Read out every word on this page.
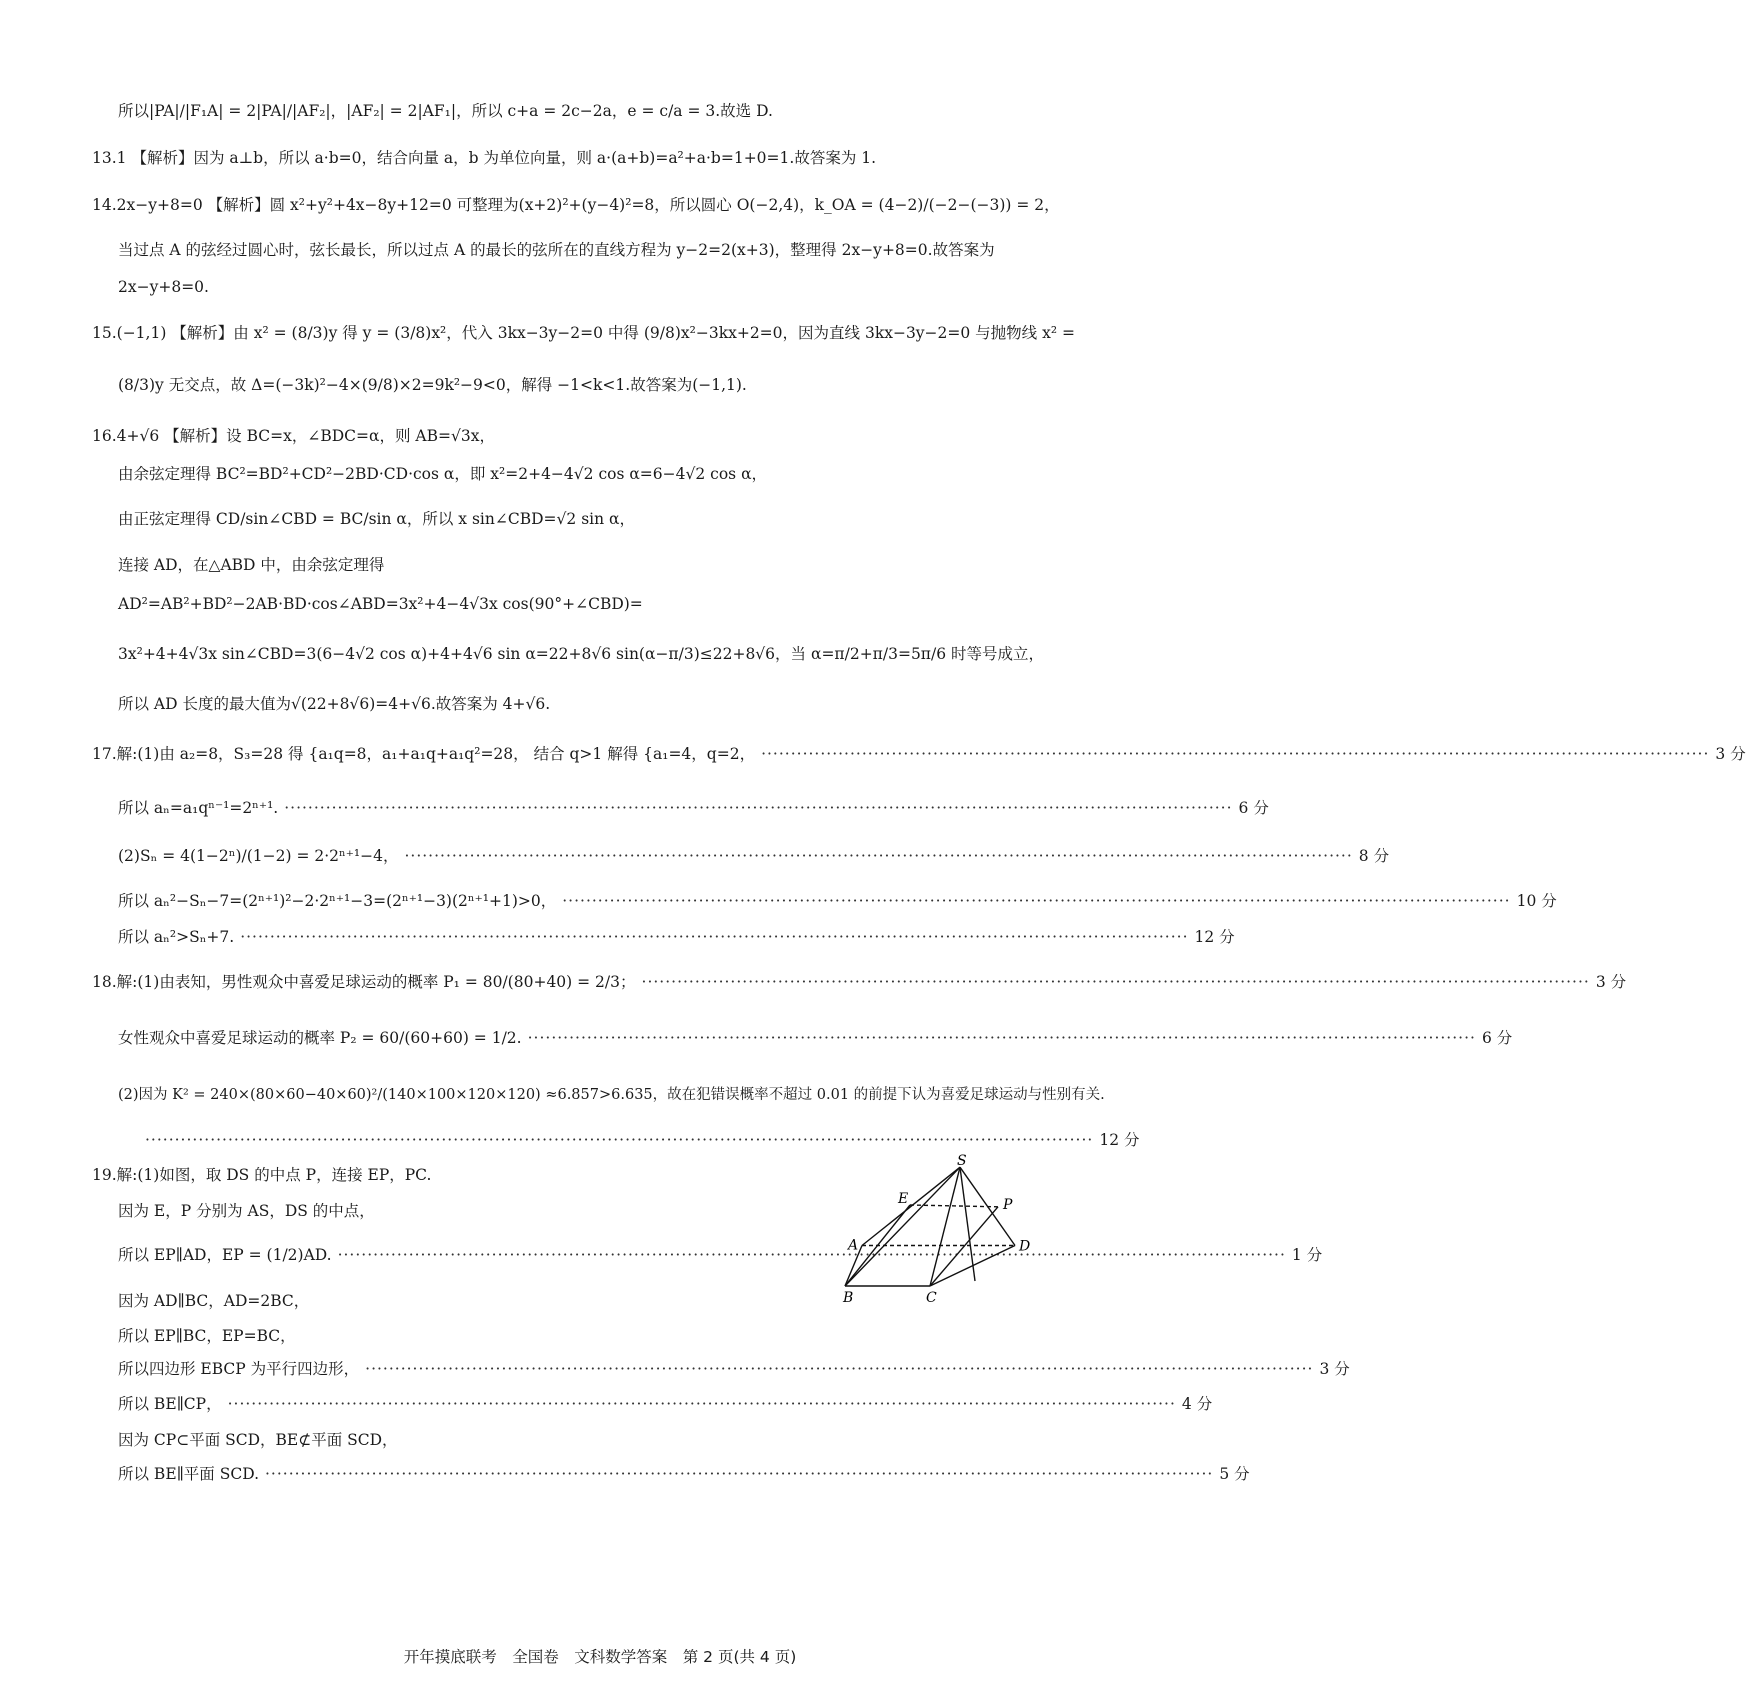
所以|PA|/|F₁A| = 2|PA|/|AF₂|，|AF₂| = 2|AF₁|，所以 c+a = 2c−2a，e = c/a = 3.故选 D.
13.1 【解析】因为 a⊥b，所以 a·b=0，结合向量 a，b 为单位向量，则 a·(a+b)=a²+a·b=1+0=1.故答案为 1.
14.2x−y+8=0 【解析】圆 x²+y²+4x−8y+12=0 可整理为(x+2)²+(y−4)²=8，所以圆心 O(−2,4)，k_OA = (4−2)/(−2−(−3)) = 2，
当过点 A 的弦经过圆心时，弦长最长，所以过点 A 的最长的弦所在的直线方程为 y−2=2(x+3)，整理得 2x−y+8=0.故答案为
2x−y+8=0.
15.(−1,1) 【解析】由 x² = (8/3)y 得 y = (3/8)x²，代入 3kx−3y−2=0 中得 (9/8)x²−3kx+2=0，因为直线 3kx−3y−2=0 与抛物线 x² =
(8/3)y 无交点，故 Δ=(−3k)²−4×(9/8)×2=9k²−9<0，解得 −1<k<1.故答案为(−1,1).
16.4+√6 【解析】设 BC=x，∠BDC=α，则 AB=√3x，
由余弦定理得 BC²=BD²+CD²−2BD·CD·cos α，即 x²=2+4−4√2 cos α=6−4√2 cos α，
由正弦定理得 CD/sin∠CBD = BC/sin α，所以 x sin∠CBD=√2 sin α，
连接 AD，在△ABD 中，由余弦定理得
AD²=AB²+BD²−2AB·BD·cos∠ABD=3x²+4−4√3x cos(90°+∠CBD)=
3x²+4+4√3x sin∠CBD=3(6−4√2 cos α)+4+4√6 sin α=22+8√6 sin(α−π/3)≤22+8√6，当 α=π/2+π/3=5π/6 时等号成立，
所以 AD 长度的最大值为√(22+8√6)=4+√6.故答案为 4+√6.
17.解:(1)由 a₂=8，S₃=28 得 {a₁q=8，a₁+a₁q+a₁q²=28， 结合 q>1 解得 {a₁=4，q=2， ·····	3 分
所以 aₙ=a₁qⁿ⁻¹=2ⁿ⁺¹. ·····	6 分
(2)Sₙ = 4(1−2ⁿ)/(1−2) = 2·2ⁿ⁺¹−4， ·····	8 分
所以 aₙ²−Sₙ−7=(2ⁿ⁺¹)²−2·2ⁿ⁺¹−3=(2ⁿ⁺¹−3)(2ⁿ⁺¹+1)>0， ·····	10 分
所以 aₙ²>Sₙ+7. ·····	12 分
18.解:(1)由表知，男性观众中喜爱足球运动的概率 P₁ = 80/(80+40) = 2/3； ·····	3 分
女性观众中喜爱足球运动的概率 P₂ = 60/(60+60) = 1/2. ·····	6 分
(2)因为 K² = 240×(80×60−40×60)²/(140×100×120×120) ≈6.857>6.635，故在犯错误概率不超过 0.01 的前提下认为喜爱足球运动与性别有关.
·····
12 分
19.解:(1)如图，取 DS 的中点 P，连接 EP，PC.
因为 E，P 分别为 AS，DS 的中点，
所以 EP∥AD，EP = (1/2)AD. ·····	1 分
因为 AD∥BC，AD=2BC，
所以 EP∥BC，EP=BC，
所以四边形 EBCP 为平行四边形， ·····	3 分
所以 BE∥CP， ·····	4 分
因为 CP⊂平面 SCD，BE⊄平面 SCD，
所以 BE∥平面 SCD. ·····	5 分
S
E	P
A	D
B	C
开年摸底联考　全国卷　文科数学答案　第 2 页(共 4 页)
